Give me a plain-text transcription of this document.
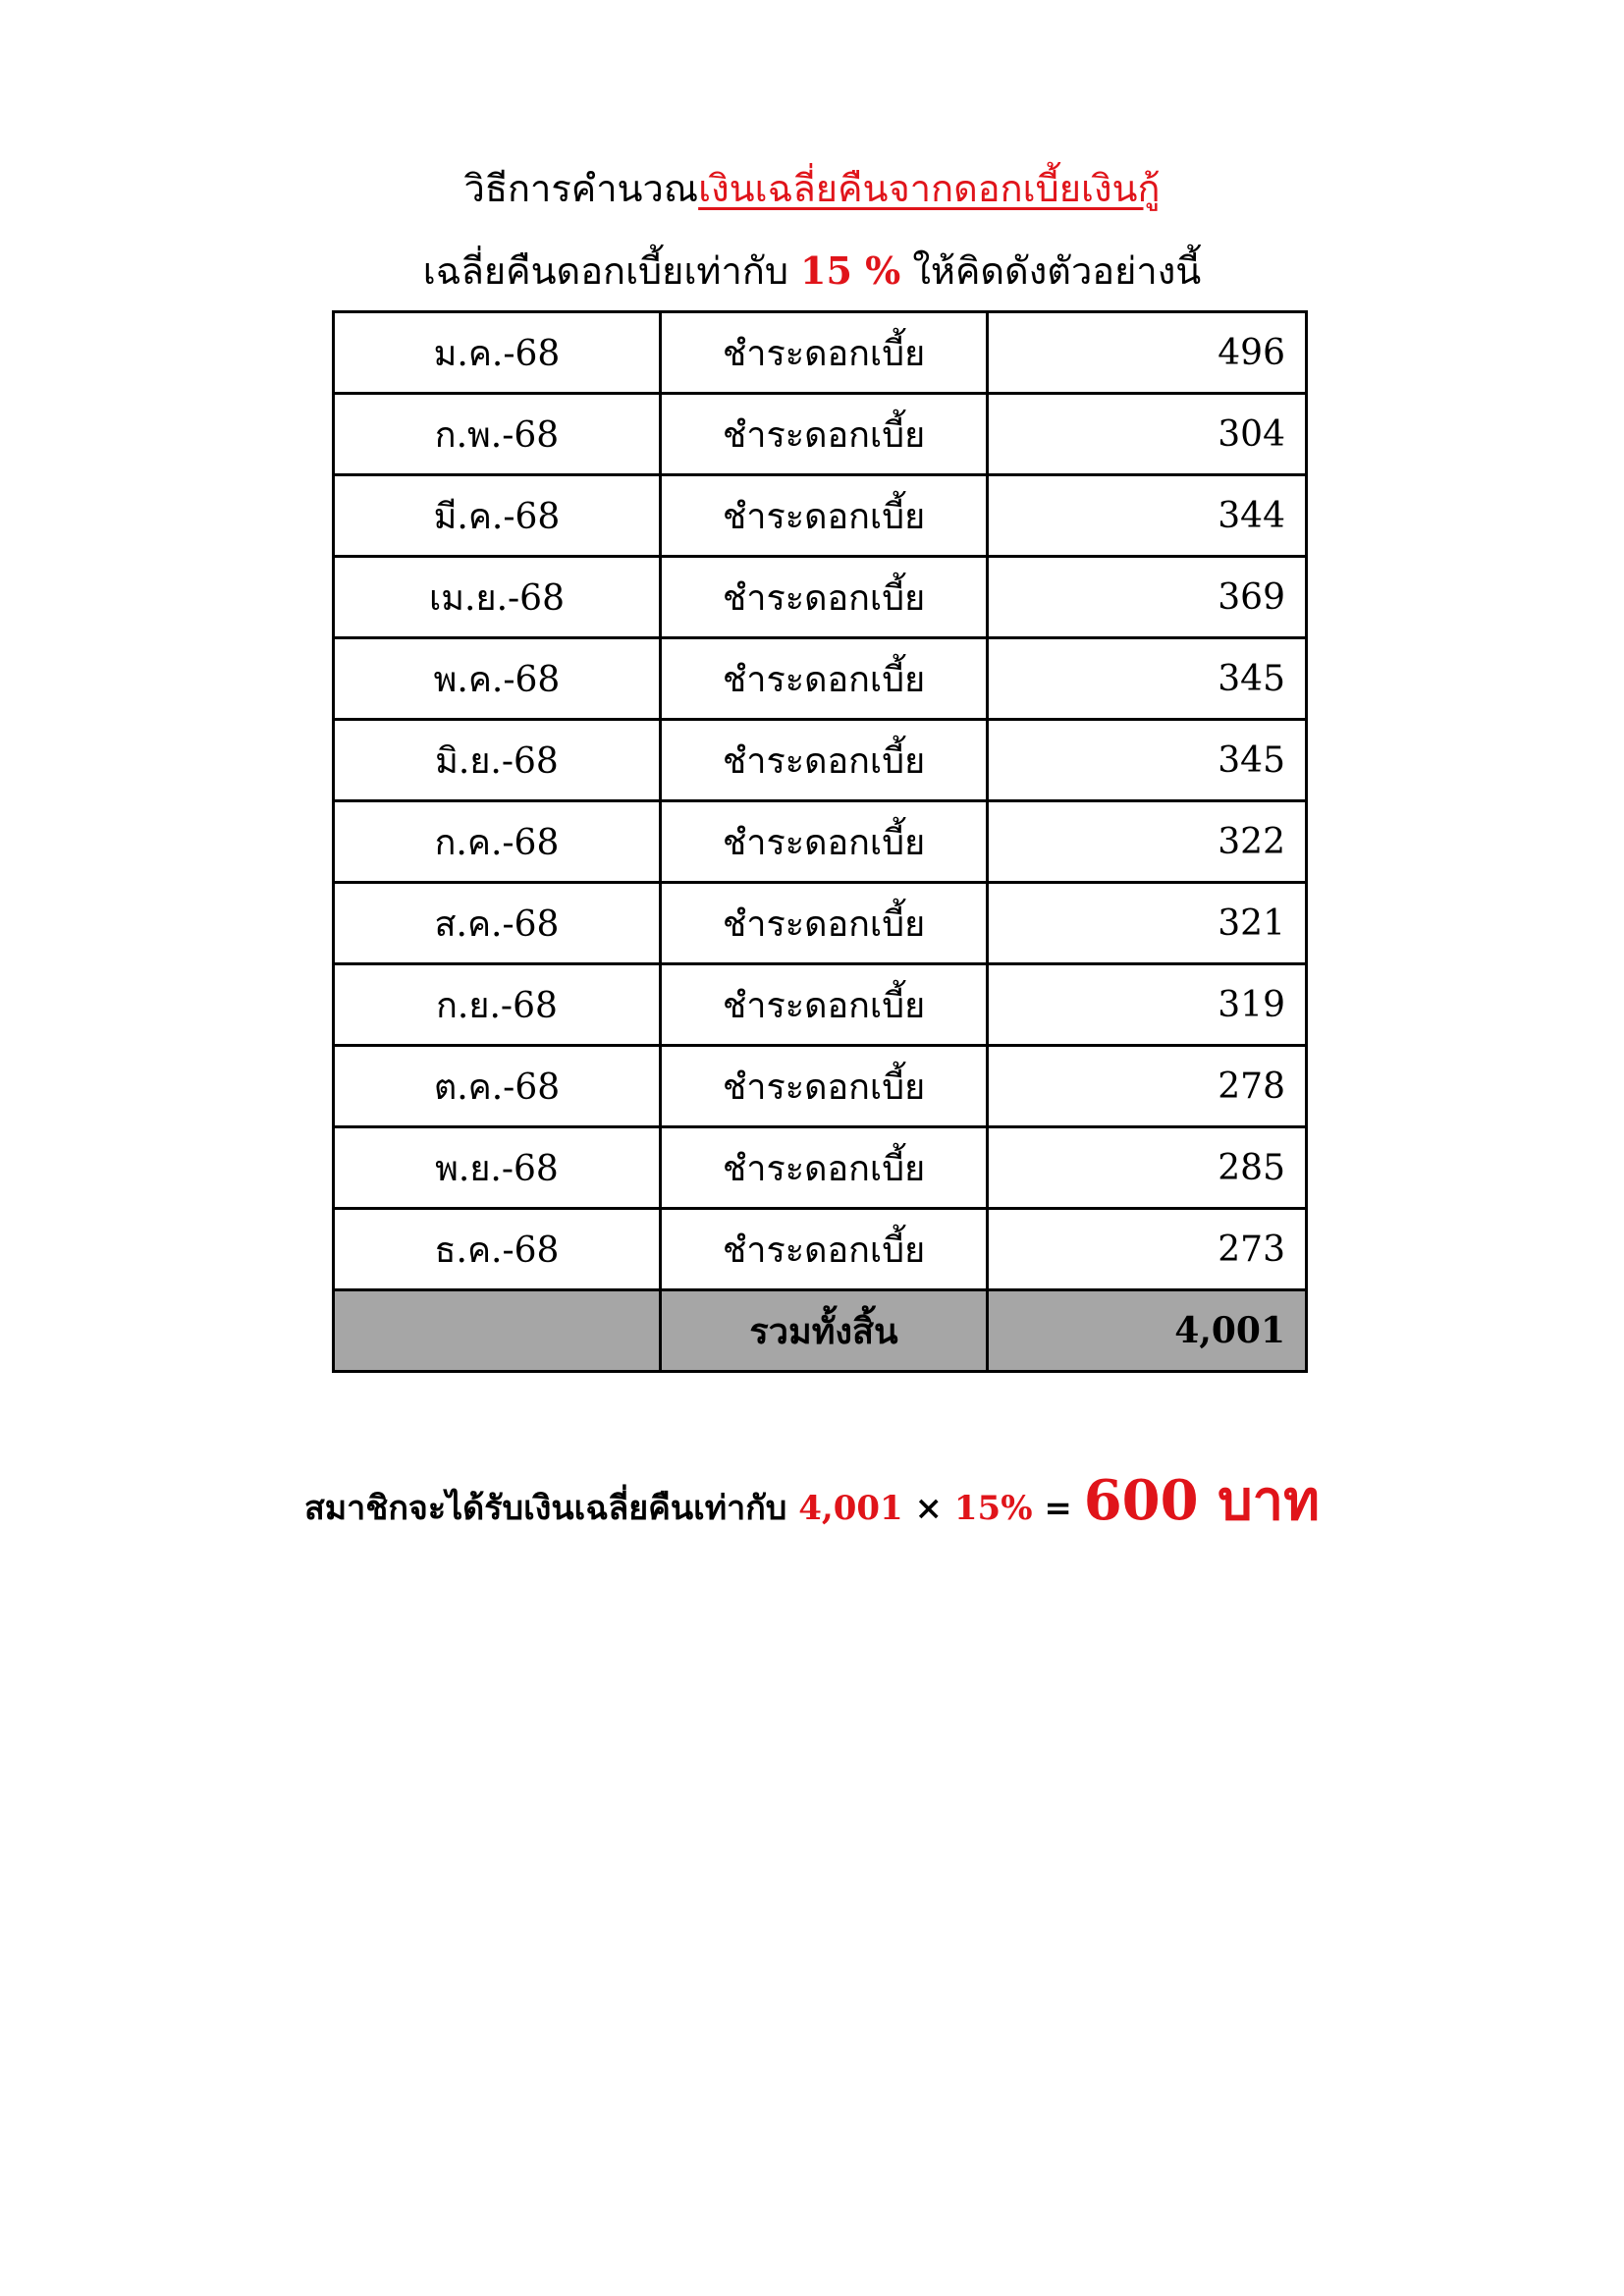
วิธีการคำนวณเงินเฉลี่ยคืนจากดอกเบี้ยเงินกู้
เฉลี่ยคืนดอกเบี้ยเท่ากับ 15 % ให้คิดดังตัวอย่างนี้
ม.ค.-68	ชำระดอกเบี้ย	496
ก.พ.-68	ชำระดอกเบี้ย	304
มี.ค.-68	ชำระดอกเบี้ย	344
เม.ย.-68	ชำระดอกเบี้ย	369
พ.ค.-68	ชำระดอกเบี้ย	345
มิ.ย.-68	ชำระดอกเบี้ย	345
ก.ค.-68	ชำระดอกเบี้ย	322
ส.ค.-68	ชำระดอกเบี้ย	321
ก.ย.-68	ชำระดอกเบี้ย	319
ต.ค.-68	ชำระดอกเบี้ย	278
พ.ย.-68	ชำระดอกเบี้ย	285
ธ.ค.-68	ชำระดอกเบี้ย	273
	รวมทั้งสิ้น	4,001
สมาชิกจะได้รับเงินเฉลี่ยคืนเท่ากับ 4,001 × 15% = 600 บาท
